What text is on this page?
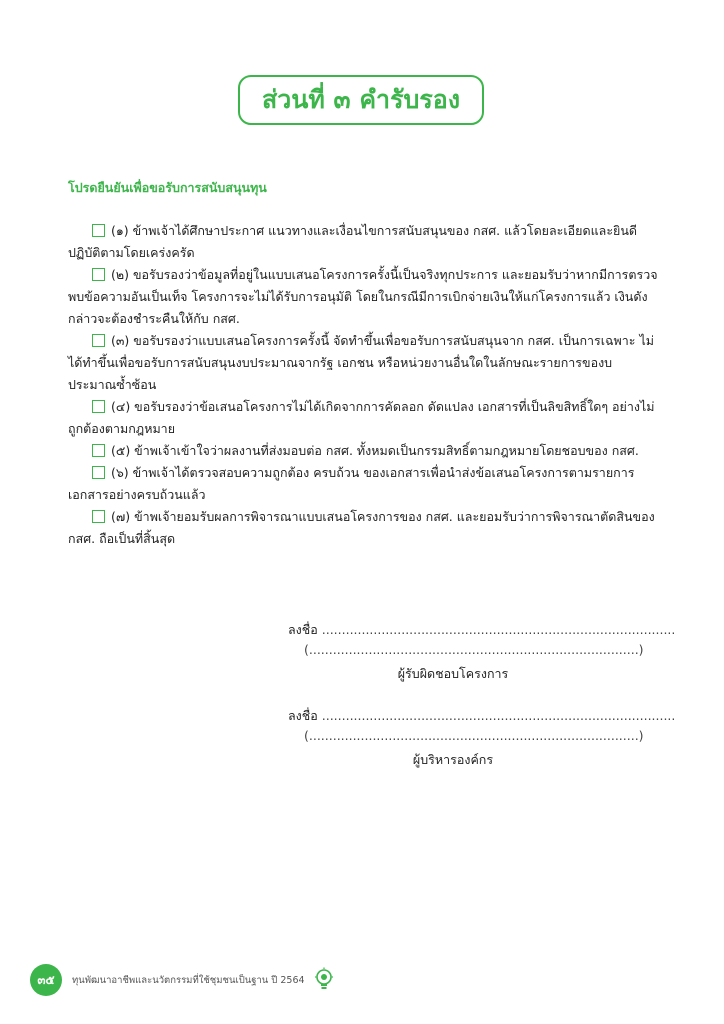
ส่วนที่ ๓ คำรับรอง
โปรดยืนยันเพื่อขอรับการสนับสนุนทุน

(๑) ข้าพเจ้าได้ศึกษาประกาศ แนวทางและเงื่อนไขการสนับสนุนของ กสศ. แล้วโดยละเอียดและยินดีปฏิบัติตามโดยเคร่งครัด

(๒) ขอรับรองว่าข้อมูลที่อยู่ในแบบเสนอโครงการครั้งนี้เป็นจริงทุกประการ และยอมรับว่าหากมีการตรวจพบข้อความอันเป็นเท็จ โครงการจะไม่ได้รับการอนุมัติ โดยในกรณีมีการเบิกจ่ายเงินให้แก่โครงการแล้ว เงินดังกล่าวจะต้องชำระคืนให้กับ กสศ.

(๓) ขอรับรองว่าแบบเสนอโครงการครั้งนี้ จัดทำขึ้นเพื่อขอรับการสนับสนุนจาก กสศ. เป็นการเฉพาะ ไม่ได้ทำขึ้นเพื่อขอรับการสนับสนุนงบประมาณจากรัฐ เอกชน หรือหน่วยงานอื่นใดในลักษณะรายการของบประมาณซ้ำซ้อน

(๔) ขอรับรองว่าข้อเสนอโครงการไม่ได้เกิดจากการคัดลอก ดัดแปลง เอกสารที่เป็นลิขสิทธิ์ใดๆ อย่างไม่ถูกต้องตามกฎหมาย

(๕) ข้าพเจ้าเข้าใจว่าผลงานที่ส่งมอบต่อ กสศ. ทั้งหมดเป็นกรรมสิทธิ์ตามกฎหมายโดยชอบของ กสศ.

(๖) ข้าพเจ้าได้ตรวจสอบความถูกต้อง ครบถ้วน ของเอกสารเพื่อนำส่งข้อเสนอโครงการตามรายการเอกสารอย่างครบถ้วนแล้ว

(๗) ข้าพเจ้ายอมรับผลการพิจารณาแบบเสนอโครงการของ กสศ. และยอมรับว่าการพิจารณาตัดสินของ กสศ. ถือเป็นที่สิ้นสุด

ลงชื่อ .........................................................................................
(...................................................................................)
ผู้รับผิดชอบโครงการ
ลงชื่อ .........................................................................................
(...................................................................................)
ผู้บริหารองค์กร
๓๕	ทุนพัฒนาอาชีพและนวัตกรรมที่ใช้ชุมชนเป็นฐาน ปี 2564
